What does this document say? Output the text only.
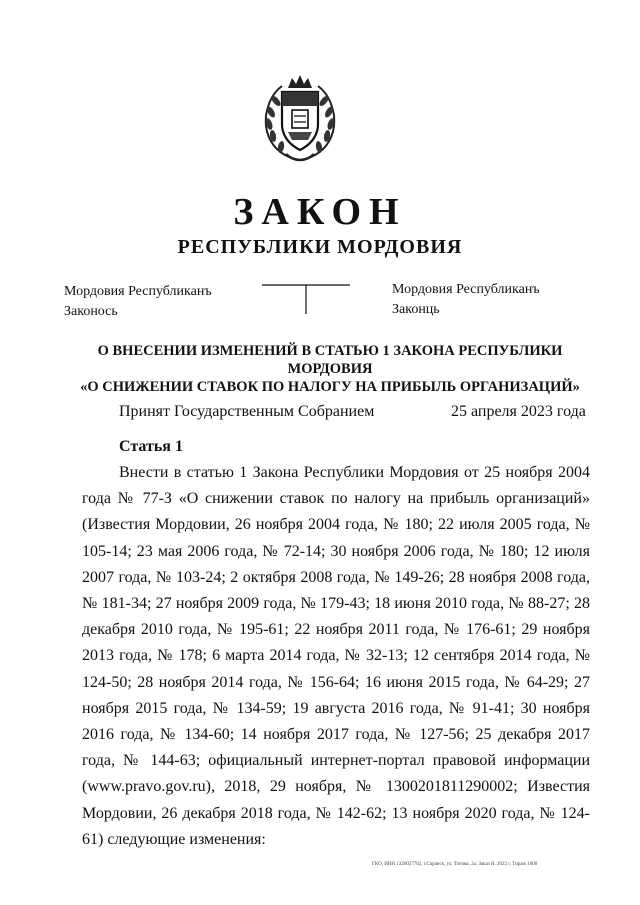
ЗАКОН
РЕСПУБЛИКИ МОРДОВИЯ
Мордовия Республиканъ
Законось
Мордовия Республиканъ
Законць
О ВНЕСЕНИИ ИЗМЕНЕНИЙ В СТАТЬЮ 1 ЗАКОНА РЕСПУБЛИКИ МОРДОВИЯ
«О СНИЖЕНИИ СТАВОК ПО НАЛОГУ НА ПРИБЫЛЬ ОРГАНИЗАЦИЙ»
Принят Государственным Собранием	25 апреля 2023 года
Статья 1

Внести в статью 1 Закона Республики Мордовия от 25 ноября 2004 года № 77-З «О снижении ставок по налогу на прибыль организаций» (Известия Мордовии, 26 ноября 2004 года, № 180; 22 июля 2005 года, № 105-14; 23 мая 2006 года, № 72-14; 30 ноября 2006 года, № 180; 12 июля 2007 года, № 103-24; 2 октября 2008 года, № 149-26; 28 ноября 2008 года, № 181-34; 27 ноября 2009 года, № 179-43; 18 июня 2010 года, № 88-27; 28 декабря 2010 года, № 195-61; 22 ноября 2011 года, № 176-61; 29 ноября 2013 года, № 178; 6 марта 2014 года, № 32-13; 12 сентября 2014 года, № 124-50; 28 ноября 2014 года, № 156-64; 16 июня 2015 года, № 64-29; 27 ноября 2015 года, № 134-59; 19 августа 2016 года, № 91-41; 30 ноября 2016 года, № 134-60; 14 ноября 2017 года, № 127-56; 25 декабря 2017 года, № 144-63; официальный интернет-портал правовой информации (www.pravo.gov.ru), 2018, 29 ноября, № 1300201811290002; Известия Мордовии, 26 декабря 2018 года, № 142-62; 13 ноября 2020 года, № 124-61) следующие изменения:

ГКО, ИНН 1326027782, г.Саранск, ул. Титова, 2а. Заказ Н. 2022 г. Тираж 1000
